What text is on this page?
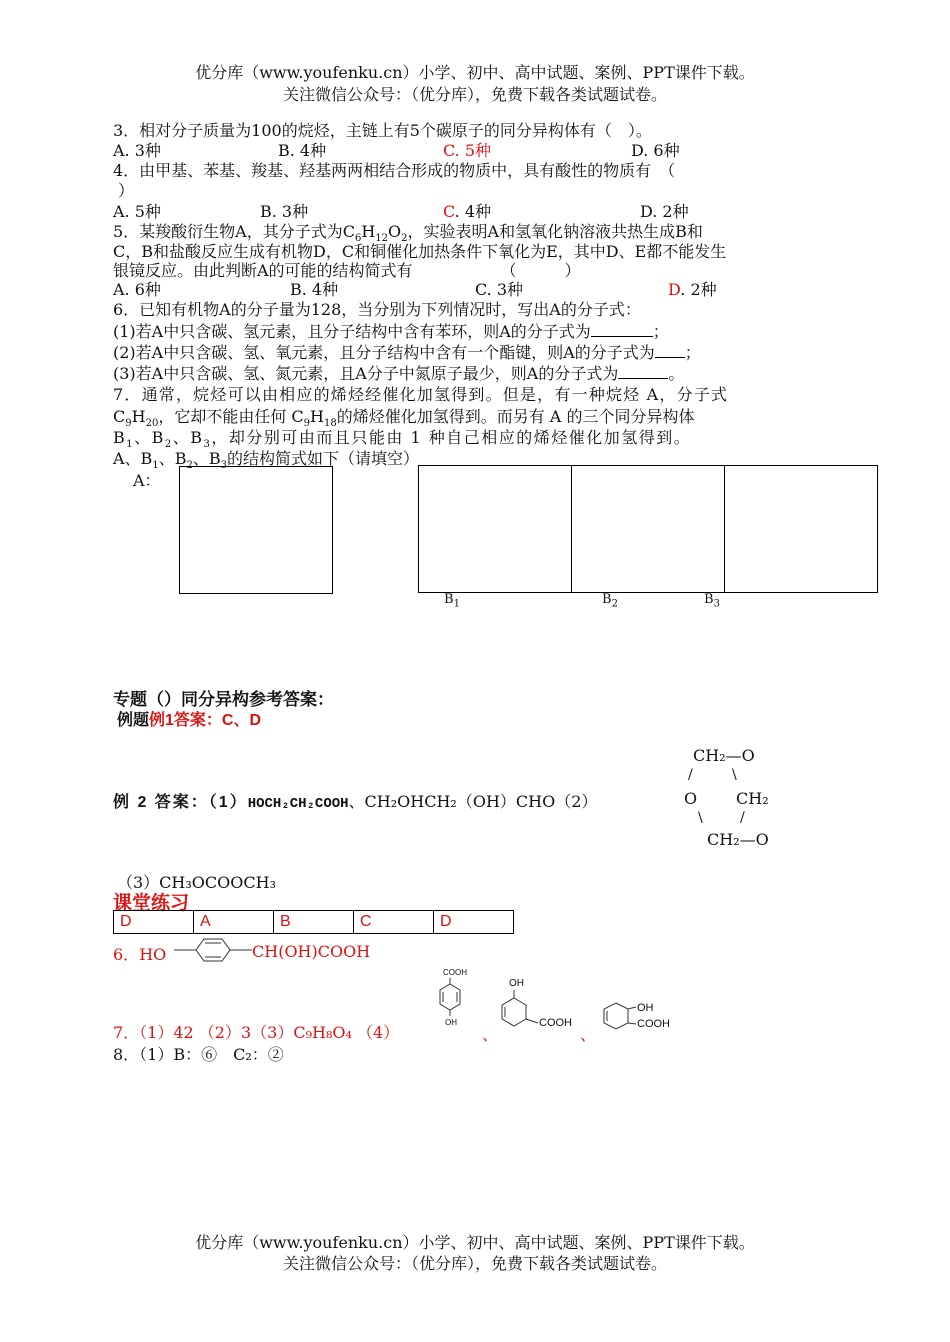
优分库（www.youfenku.cn）小学、初中、高中试题、案例、PPT课件下载。
关注微信公众号：（优分库），免费下载各类试题试卷。
3．相对分子质量为100的烷烃，主链上有5个碳原子的同分异构体有（　）。
A. 3种	B. 4种	C. 5种	D. 6种
4．由甲基、苯基、羧基、羟基两两相结合形成的物质中，具有酸性的物质有　（
）
A. 5种	B. 3种	C. 4种	D. 2种
5．某羧酸衍生物A，其分子式为$C_6H_{12}O_2$，实验表明A和氢氧化钠溶液共热生成B和
C，B和盐酸反应生成有机物D，C和铜催化加热条件下氧化为E，其中D、E都不能发生
银镜反应。由此判断A的可能的结构简式有　　　　　　（　　　）
A. 6种	B. 4种	C. 3种	D. 2种
6．已知有机物A的分子量为128，当分别为下列情况时，写出A的分子式：
(1)若A中只含碳、氢元素，且分子结构中含有苯环，则A的分子式为	；
(2)若A中只含碳、氢、氧元素，且分子结构中含有一个酯键，则A的分子式为 ；
(3)若A中只含碳、氢、氮元素，且A分子中氮原子最少，则A的分子式为	。
7．通常，烷烃可以由相应的烯烃经催化加氢得到。但是，有一种烷烃 A，分子式
$C_9H_{20}$，它却不能由任何 $C_9H_{18}$的烯烃催化加氢得到。而另有 A 的三个同分异构体
$B_1$、$B_2$、$B_3$，却分别可由而且只能由 1 种自己相应的烯烃催化加氢得到。
A、$B_1$、$B_2$、$B_3$的结构简式如下（请填空）
A：
$B_1$	$B_2$	$B_3$
专题（）同分异构参考答案：
例题例1答案：C、D
CH₂—O
/	\
O CH₂
\	/
CH₂—O
例 2 答案：（1）HOCH₂CH₂COOH、CH₂OHCH₂（OH）CHO（2）
（3）CH₃OCOOCH₃
课堂练习
D	A	B	C	D
6．HO	CH(OH)COOH
7．（1）42 （2）3（3）C₉H₈O₄ （4）
COOH
OH
、
OH
COOH
、
OH
COOH
8．（1）B：⑥　C₂：②
优分库（www.youfenku.cn）小学、初中、高中试题、案例、PPT课件下载。
关注微信公众号：（优分库），免费下载各类试题试卷。
